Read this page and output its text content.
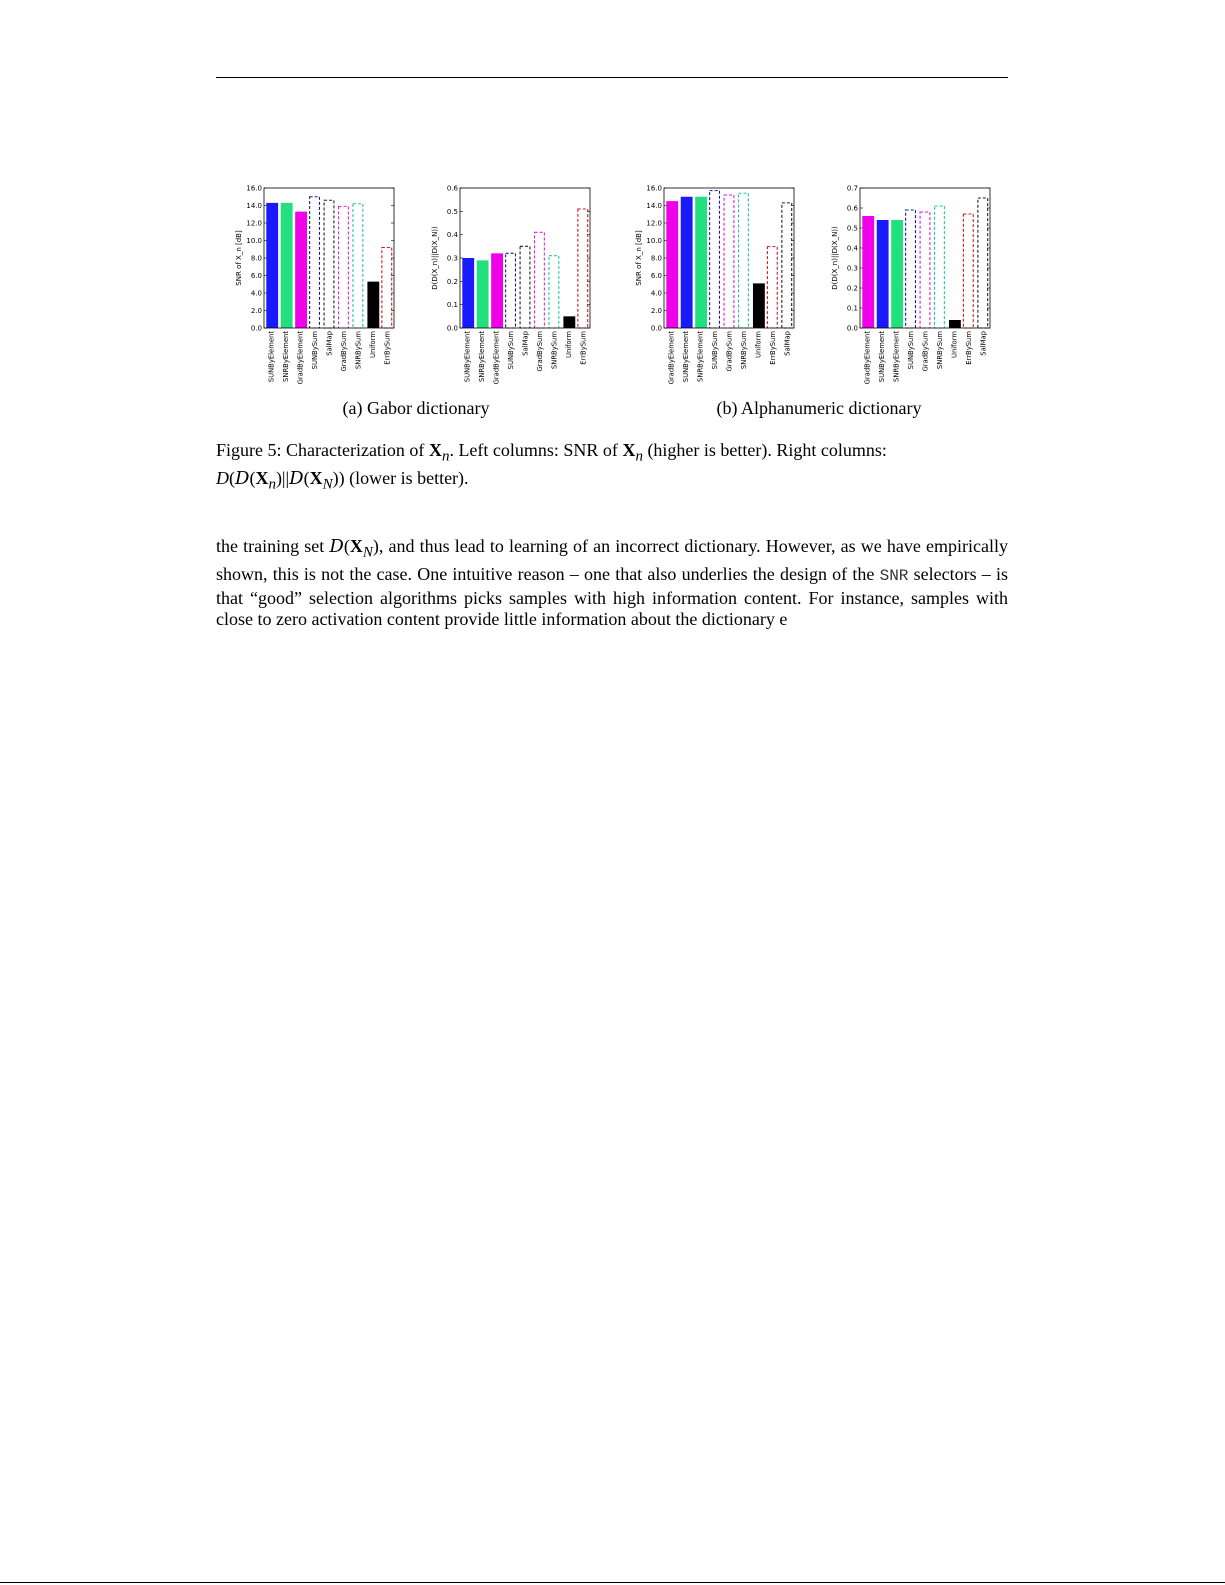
0.0
2.0
4.0
6.0
8.0
10.0
12.0
14.0
16.0
SNR of X_n [dB]
SUNByElement SNRByElement GradByElement SUNBySum SalMap GradBySum SNRBySum Uniform ErrBySum
0.0
0.1
0.2
0.3
0.4
0.5
0.6
D(D(X_n)||D(X_N))
SUNByElement SNRByElement GradByElement SUNBySum SalMap GradBySum SNRBySum Uniform ErrBySum
0.0
2.0
4.0
6.0
8.0
10.0
12.0
14.0
16.0
SNR of X_n [dB]
GradByElement SUNByElement SNRByElement SUNBySum GradBySum SNRBySum Uniform ErrBySum SalMap
0.0
0.1
0.2
0.3
0.4
0.5
0.6
0.7
D(D(X_n)||D(X_N))
GradByElement SUNByElement SNRByElement SUNBySum GradBySum SNRBySum Uniform ErrBySum SalMap
(a) Gabor dictionary	(b) Alphanumeric dictionary
Figure 5: Characterization of $X_n$. Left columns: SNR of $X_n$ (higher is better). Right columns:
$D(D(X_n)||D(X_N))$ (lower is better).
the training set $D(X_N)$, and thus lead to learning of an incorrect dictionary. However, as we have empirically shown, this is not the case. One intuitive reason – one that also underlies the design of the SNR selectors – is that “good” selection algorithms picks samples with high information content. For instance, samples with close to zero activation content provide little information about the dictionary e
